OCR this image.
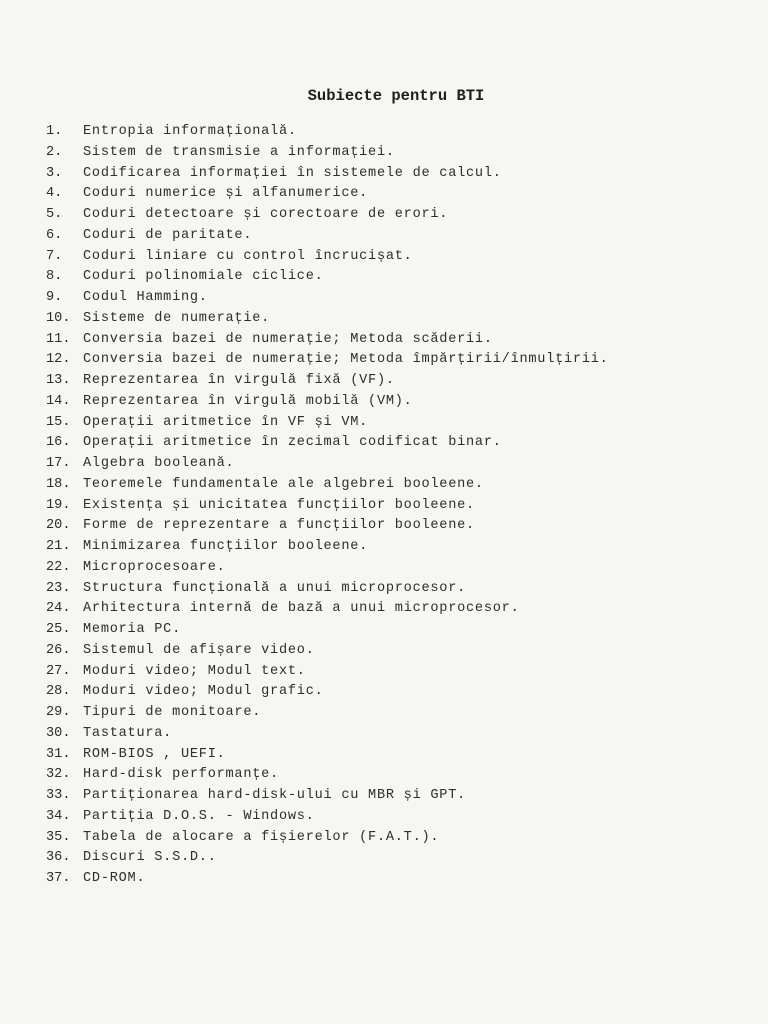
Subiecte pentru BTI
1.	Entropia informațională.
2.	Sistem de transmisie a informației.
3.	Codificarea informației în sistemele de calcul.
4.	Coduri numerice și alfanumerice.
5.	Coduri detectoare și corectoare de erori.
6.	Coduri de paritate.
7.	Coduri liniare cu control încrucișat.
8.	Coduri polinomiale ciclice.
9.	Codul Hamming.
10. Sisteme de numerație.
11. Conversia bazei de numerație; Metoda scăderii.
12. Conversia bazei de numerație; Metoda împărțirii/înmulțirii.
13. Reprezentarea în virgulă fixă (VF).
14. Reprezentarea în virgulă mobilă (VM).
15. Operații aritmetice în VF și VM.
16. Operații aritmetice în zecimal codificat binar.
17. Algebra booleană.
18. Teoremele fundamentale ale algebrei booleene.
19. Existența și unicitatea funcțiilor booleene.
20. Forme de reprezentare a funcțiilor booleene.
21. Minimizarea funcțiilor booleene.
22. Microprocesoare.
23. Structura funcțională a unui microprocesor.
24. Arhitectura internă de bază a unui microprocesor.
25. Memoria PC.
26. Sistemul de afișare video.
27. Moduri video; Modul text.
28. Moduri video; Modul grafic.
29. Tipuri de monitoare.
30. Tastatura.
31. ROM-BIOS , UEFI.
32. Hard-disk performanțe.
33. Partiționarea hard-disk-ului cu MBR și GPT.
34. Partiția D.O.S. - Windows.
35. Tabela de alocare a fișierelor (F.A.T.).
36. Discuri S.S.D..
37. CD-ROM.
